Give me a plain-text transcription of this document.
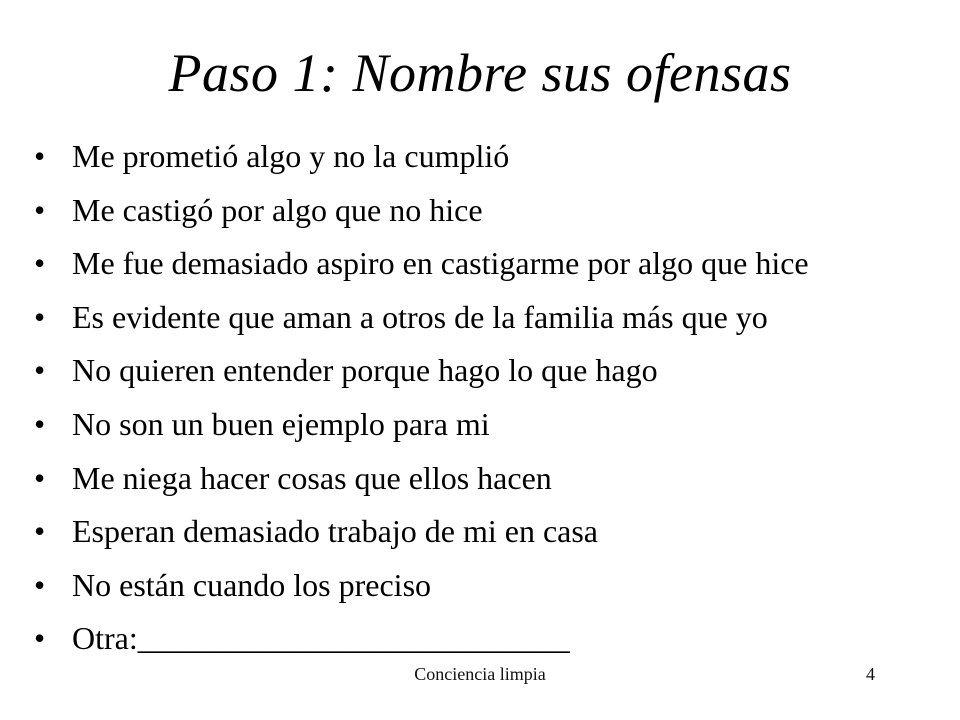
Paso 1: Nombre sus ofensas
• Me prometió algo y no la cumplió
• Me castigó por algo que no hice
• Me fue demasiado aspiro en castigarme por algo que hice
• Es evidente que aman a otros de la familia más que yo
• No quieren entender porque hago lo que hago
• No son un buen ejemplo para mi
• Me niega hacer cosas que ellos hacen
• Esperan demasiado trabajo de mi en casa
• No están cuando los preciso
• Otra:___________________________
Conciencia limpia	4
